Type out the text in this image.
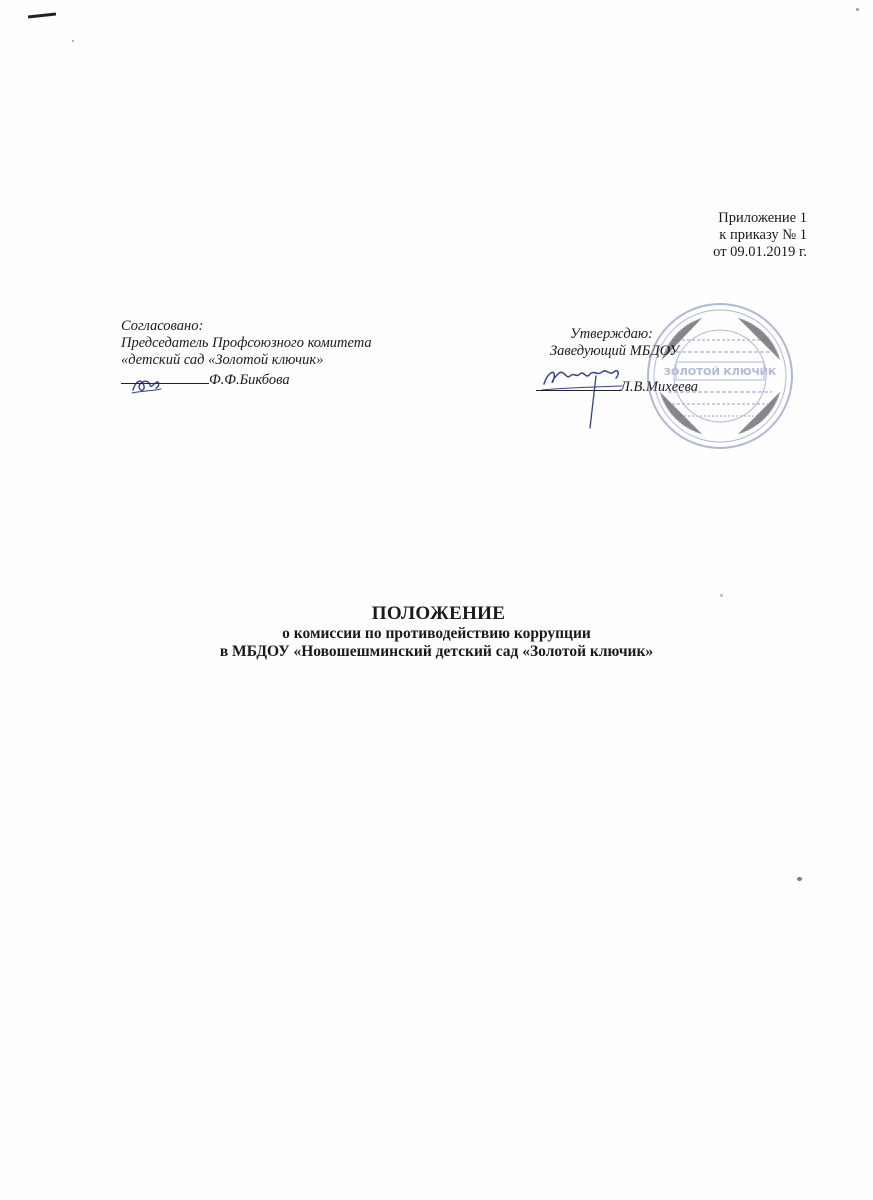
Приложение 1
к приказу № 1
от 09.01.2019 г.
Согласовано:
Председатель Профсоюзного комитета
«детский сад «Золотой ключик»
Ф.Ф.Бикбова
Утверждаю:
Заведующий МБДОУ
Л.В.Михеева
ЗОЛОТОЙ КЛЮЧИК
ПОЛОЖЕНИЕ
о комиссии по противодействию коррупции
в МБДОУ «Новошешминский детский сад «Золотой ключик»
